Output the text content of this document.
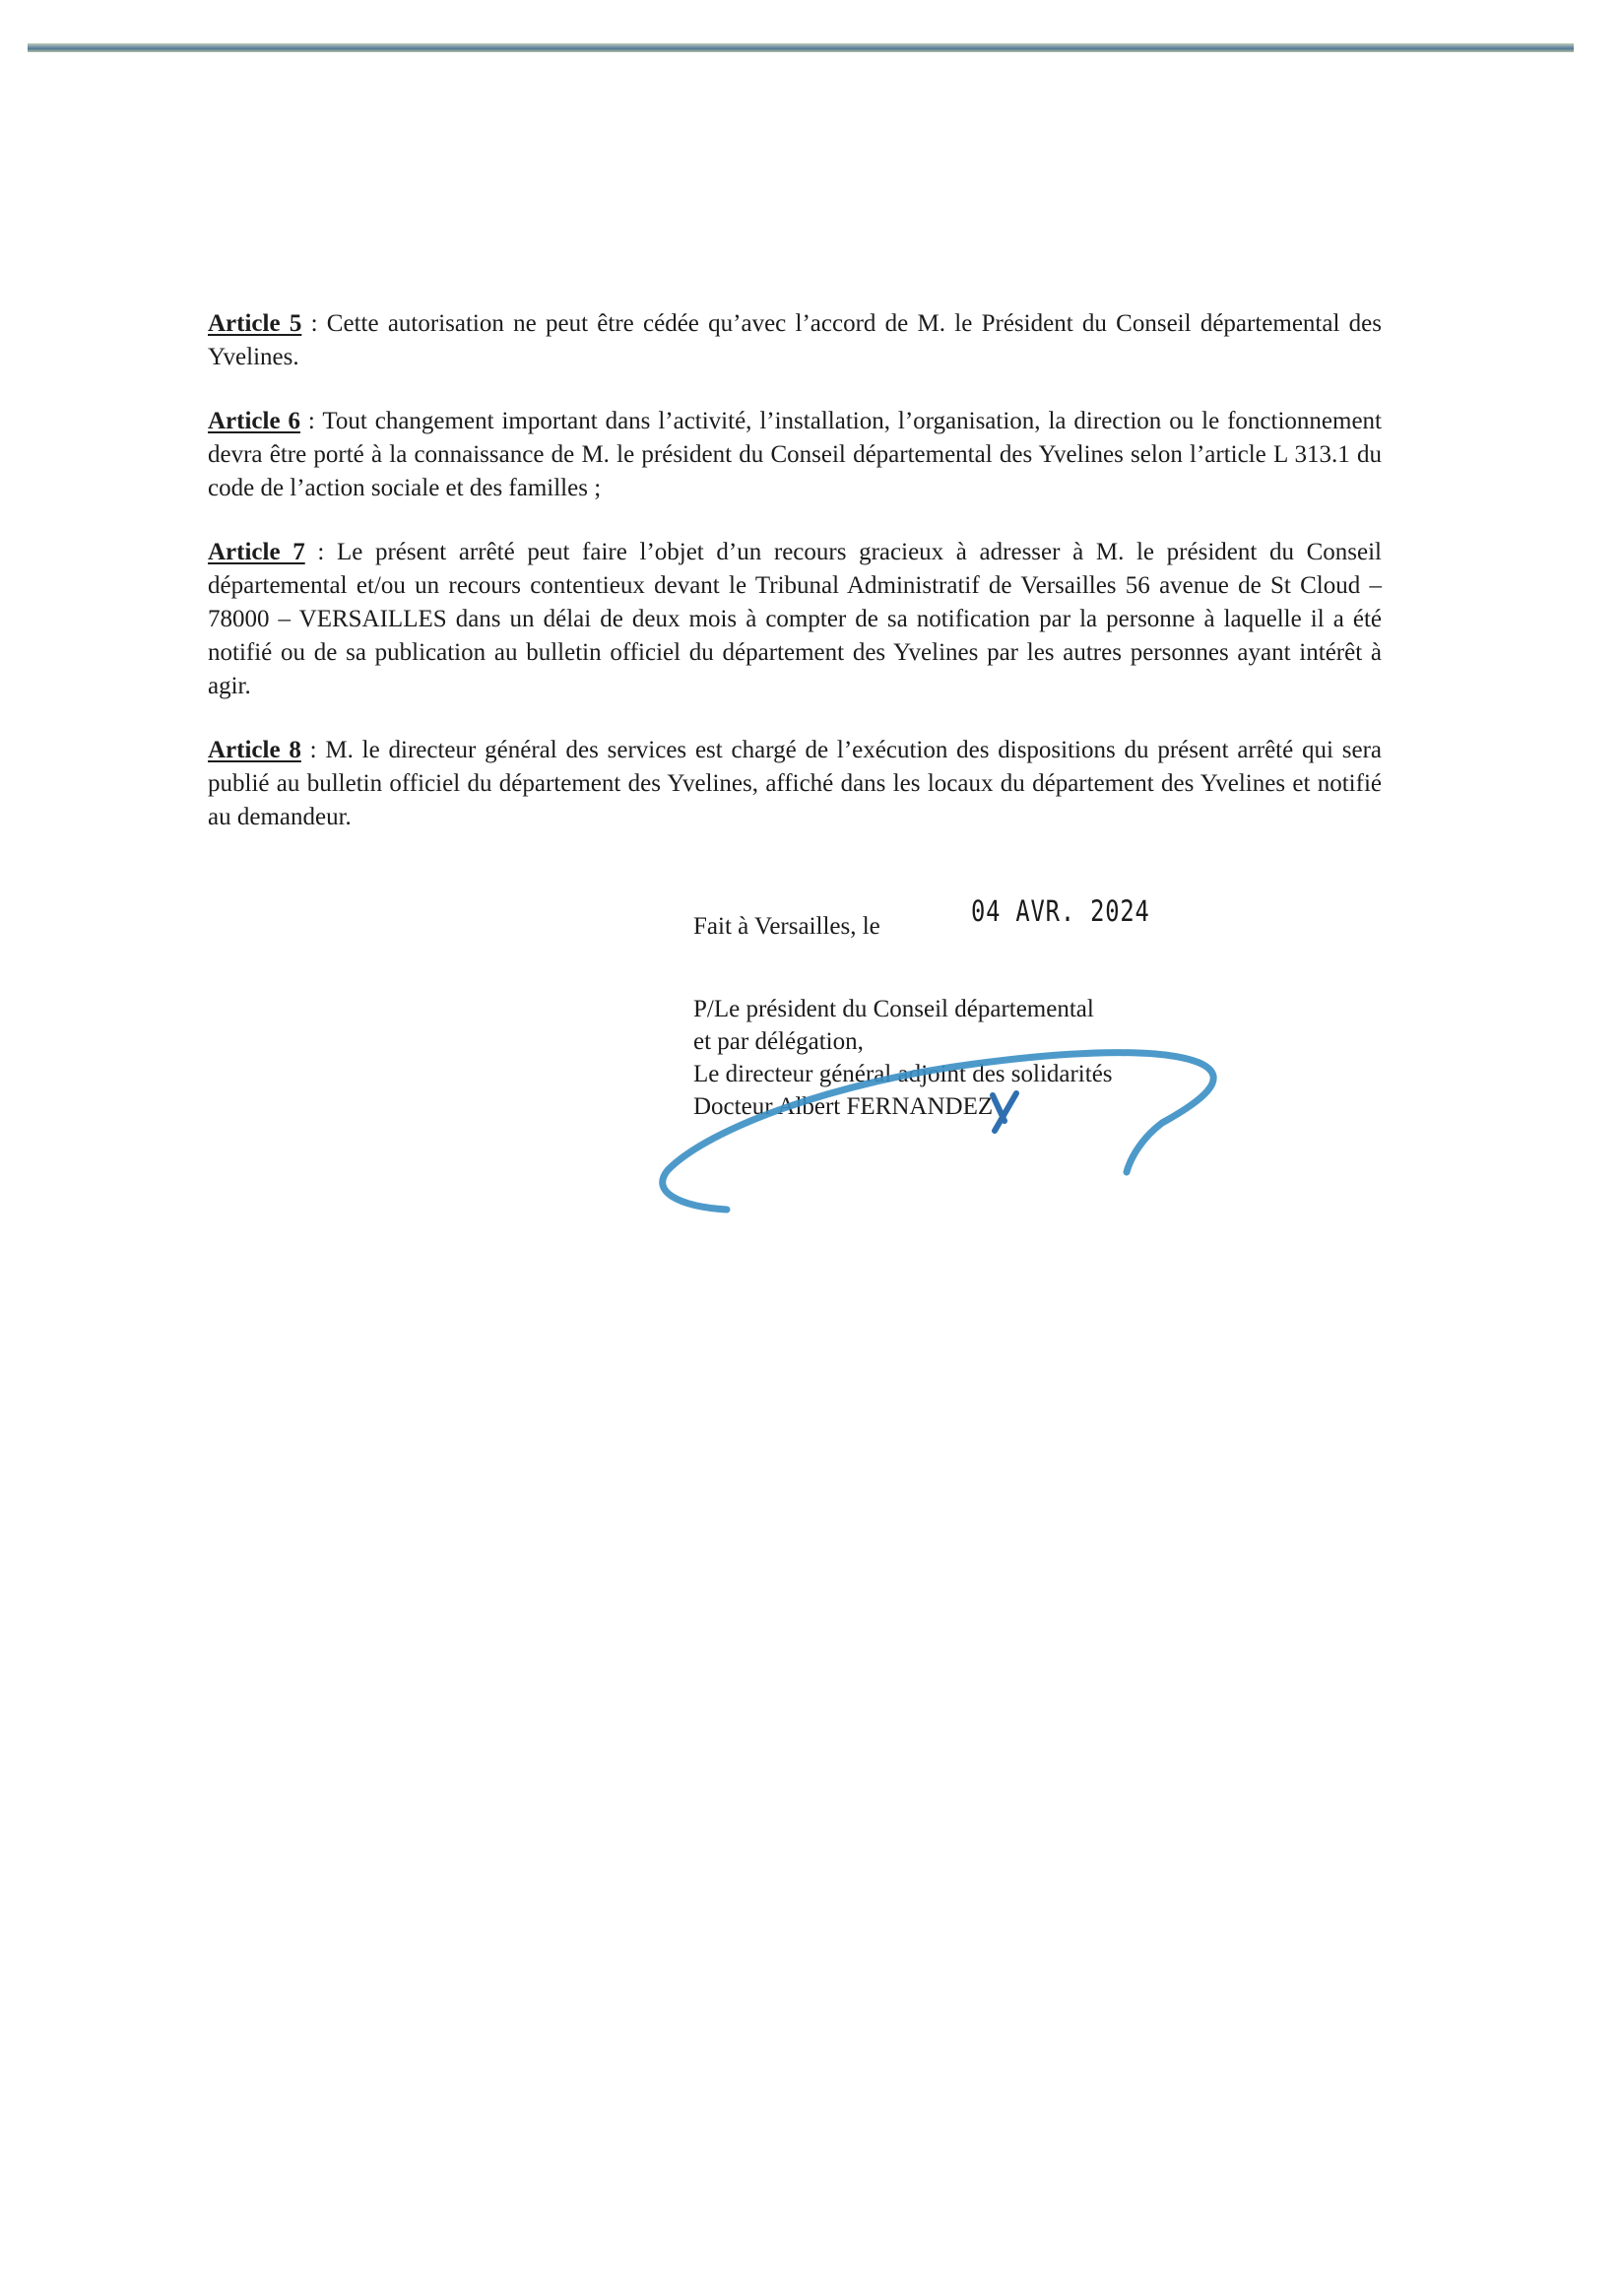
Article 5 : Cette autorisation ne peut être cédée qu’avec l’accord de M. le Président du Conseil départemental des Yvelines.

Article 6 : Tout changement important dans l’activité, l’installation, l’organisation, la direction ou le fonctionnement devra être porté à la connaissance de M. le président du Conseil départemental des Yvelines selon l’article L 313.1 du code de l’action sociale et des familles ;

Article 7 : Le présent arrêté peut faire l’objet d’un recours gracieux à adresser à M. le président du Conseil départemental et/ou un recours contentieux devant le Tribunal Administratif de Versailles 56 avenue de St Cloud – 78000 – VERSAILLES dans un délai de deux mois à compter de sa notification par la personne à laquelle il a été notifié ou de sa publication au bulletin officiel du département des Yvelines par les autres personnes ayant intérêt à agir.

Article 8 : M. le directeur général des services est chargé de l’exécution des dispositions du présent arrêté qui sera publié au bulletin officiel du département des Yvelines, affiché dans les locaux du département des Yvelines et notifié au demandeur.

Fait à Versailles, le	04 AVR. 2024
P/Le président du Conseil départemental
et par délégation,
Le directeur général adjoint des solidarités
Docteur Albert FERNANDEZ
